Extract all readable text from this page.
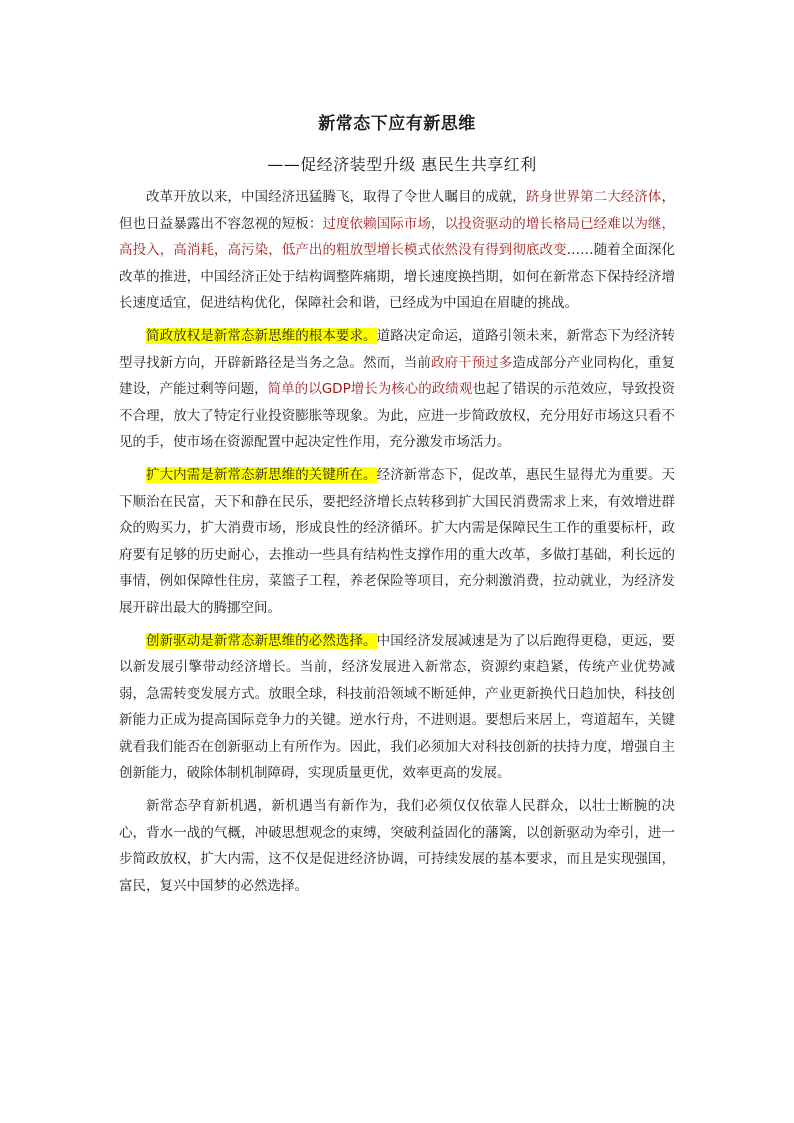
新常态下应有新思维
——促经济装型升级 惠民生共享红利

改革开放以来，中国经济迅猛腾飞，取得了令世人瞩目的成就，跻身世界第二大经济体，但也日益暴露出不容忽视的短板：过度依赖国际市场，以投资驱动的增长格局已经难以为继，高投入，高消耗，高污染，低产出的粗放型增长模式依然没有得到彻底改变……随着全面深化改革的推进，中国经济正处于结构调整阵痛期，增长速度换挡期，如何在新常态下保持经济增长速度适宜，促进结构优化，保障社会和谐，已经成为中国迫在眉睫的挑战。

简政放权是新常态新思维的根本要求。道路决定命运，道路引领未来，新常态下为经济转型寻找新方向，开辟新路径是当务之急。然而，当前政府干预过多造成部分产业同构化，重复建设，产能过剩等问题，简单的以GDP增长为核心的政绩观也起了错误的示范效应，导致投资不合理，放大了特定行业投资膨胀等现象。为此，应进一步简政放权，充分用好市场这只看不见的手，使市场在资源配置中起决定性作用，充分激发市场活力。

扩大内需是新常态新思维的关键所在。经济新常态下，促改革，惠民生显得尤为重要。天下顺治在民富，天下和静在民乐，要把经济增长点转移到扩大国民消费需求上来，有效增进群众的购买力，扩大消费市场，形成良性的经济循环。扩大内需是保障民生工作的重要标杆，政府要有足够的历史耐心，去推动一些具有结构性支撑作用的重大改革，多做打基础，利长远的事情，例如保障性住房，菜篮子工程，养老保险等项目，充分刺激消费，拉动就业，为经济发展开辟出最大的腾挪空间。

创新驱动是新常态新思维的必然选择。中国经济发展减速是为了以后跑得更稳，更远，要以新发展引擎带动经济增长。当前，经济发展进入新常态，资源约束趋紧，传统产业优势减弱，急需转变发展方式。放眼全球，科技前沿领域不断延伸，产业更新换代日趋加快，科技创新能力正成为提高国际竞争力的关键。逆水行舟，不进则退。要想后来居上，弯道超车，关键就看我们能否在创新驱动上有所作为。因此，我们必须加大对科技创新的扶持力度，增强自主创新能力，破除体制机制障碍，实现质量更优，效率更高的发展。

新常态孕育新机遇，新机遇当有新作为，我们必须仅仅依靠人民群众，以壮士断腕的决心，背水一战的气概，冲破思想观念的束缚，突破利益固化的藩篱，以创新驱动为牵引，进一步简政放权，扩大内需，这不仅是促进经济协调，可持续发展的基本要求，而且是实现强国，富民，复兴中国梦的必然选择。
